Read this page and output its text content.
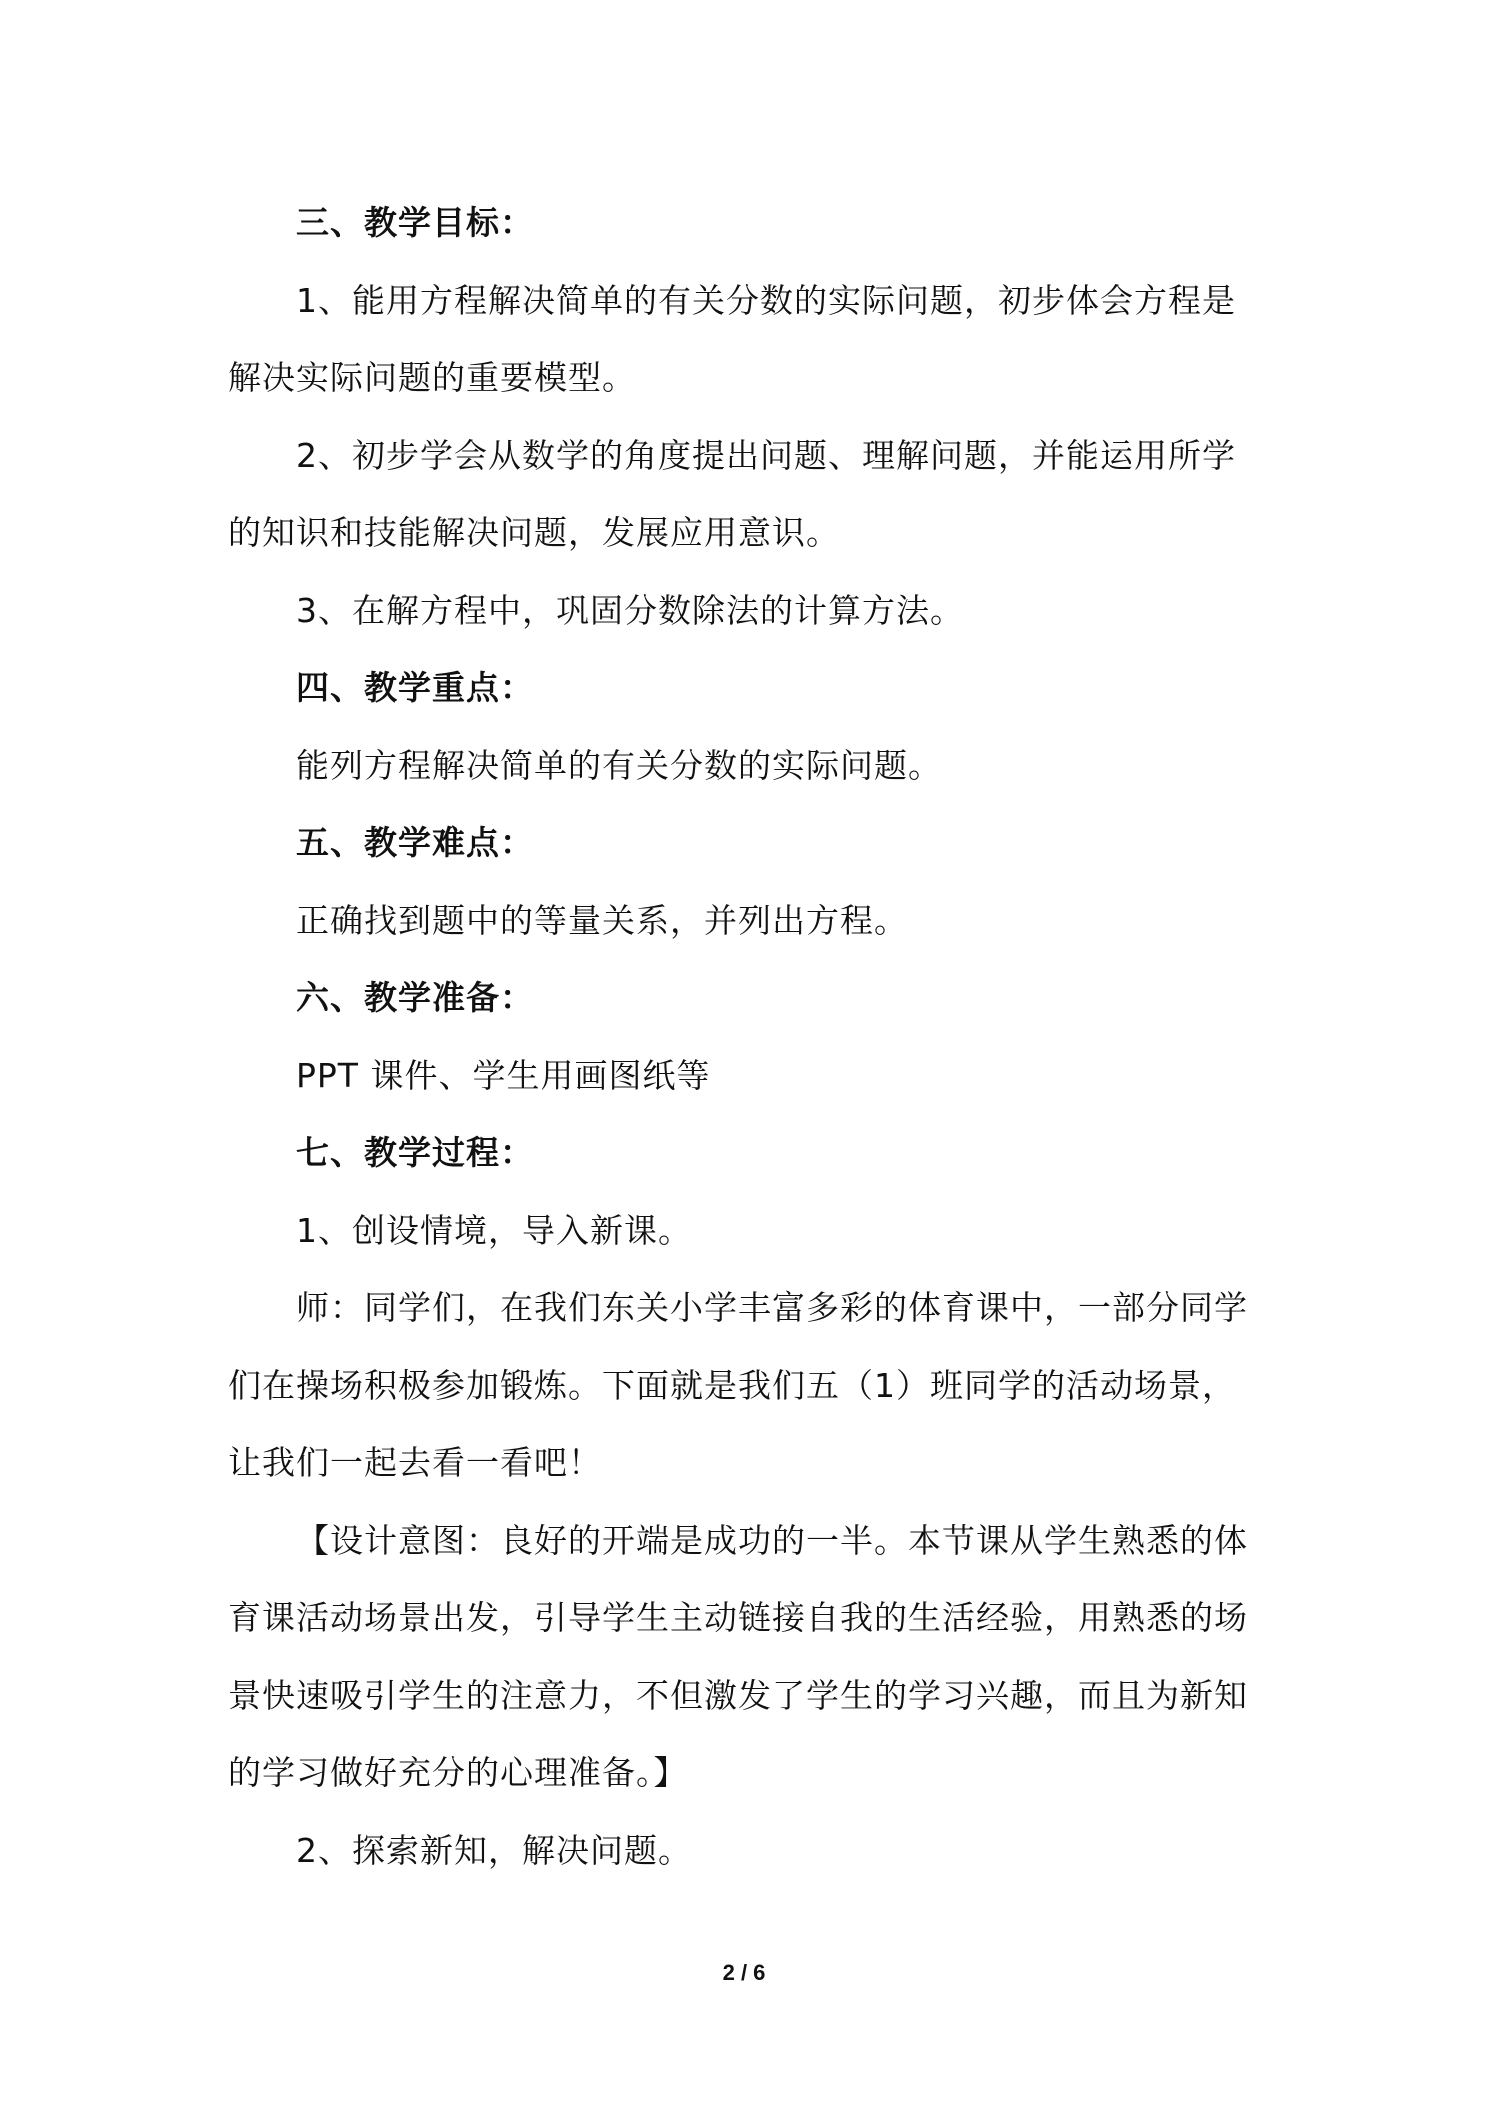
三、教学目标：
1、能用方程解决简单的有关分数的实际问题，初步体会方程是
解决实际问题的重要模型。
2、初步学会从数学的角度提出问题、理解问题，并能运用所学
的知识和技能解决问题，发展应用意识。
3、在解方程中，巩固分数除法的计算方法。
四、教学重点：
能列方程解决简单的有关分数的实际问题。
五、教学难点：
正确找到题中的等量关系，并列出方程。
六、教学准备：
PPT 课件、学生用画图纸等
七、教学过程：
1、创设情境，导入新课。
师：同学们，在我们东关小学丰富多彩的体育课中，一部分同学
们在操场积极参加锻炼。下面就是我们五（1）班同学的活动场景，
让我们一起去看一看吧！
【设计意图：良好的开端是成功的一半。本节课从学生熟悉的体
育课活动场景出发，引导学生主动链接自我的生活经验，用熟悉的场
景快速吸引学生的注意力，不但激发了学生的学习兴趣，而且为新知
的学习做好充分的心理准备。】
2、探索新知，解决问题。
2 / 6
